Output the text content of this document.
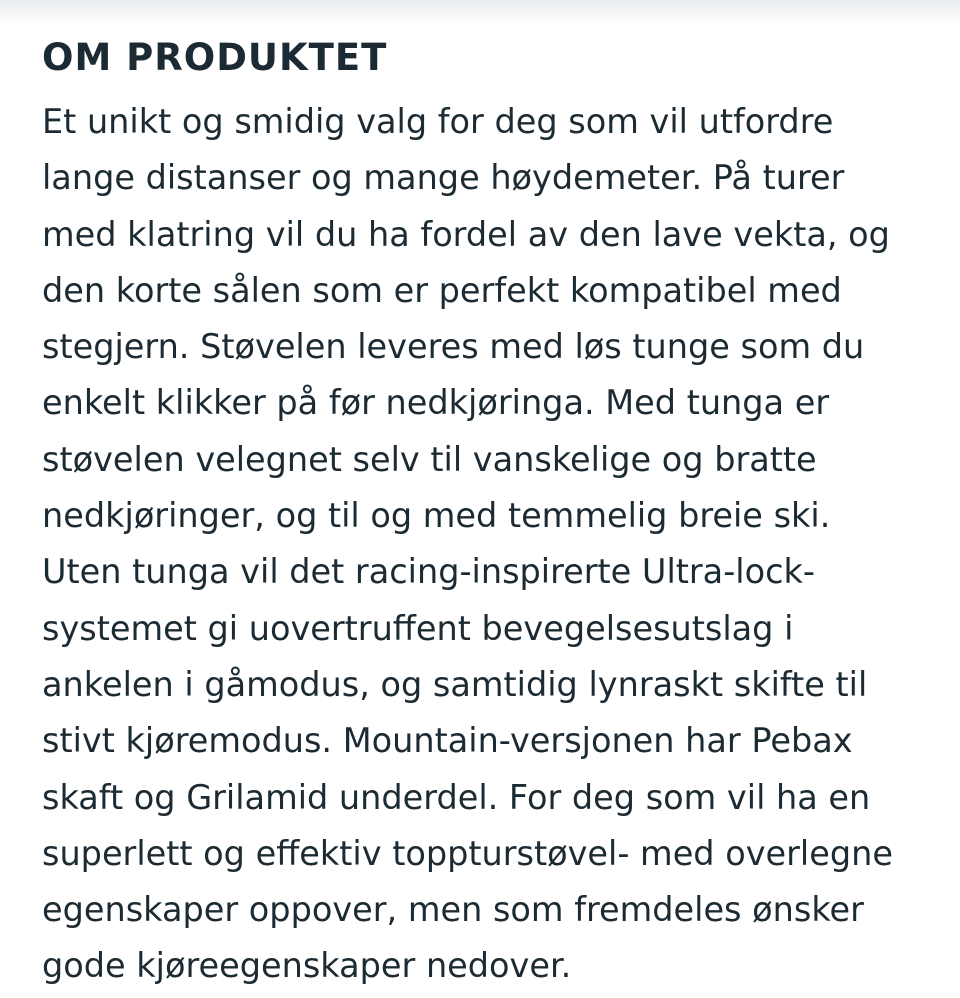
OM PRODUKTET

Et unikt og smidig valg for deg som vil utfordre
lange distanser og mange høydemeter. På turer
med klatring vil du ha fordel av den lave vekta, og
den korte sålen som er perfekt kompatibel med
stegjern. Støvelen leveres med løs tunge som du
enkelt klikker på før nedkjøringa. Med tunga er
støvelen velegnet selv til vanskelige og bratte
nedkjøringer, og til og med temmelig breie ski.
Uten tunga vil det racing-inspirerte Ultra-lock-
systemet gi uovertruffent bevegelsesutslag i
ankelen i gåmodus, og samtidig lynraskt skifte til
stivt kjøremodus. Mountain-versjonen har Pebax
skaft og Grilamid underdel. For deg som vil ha en
superlett og effektiv toppturstøvel- med overlegne
egenskaper oppover, men som fremdeles ønsker
gode kjøreegenskaper nedover.
